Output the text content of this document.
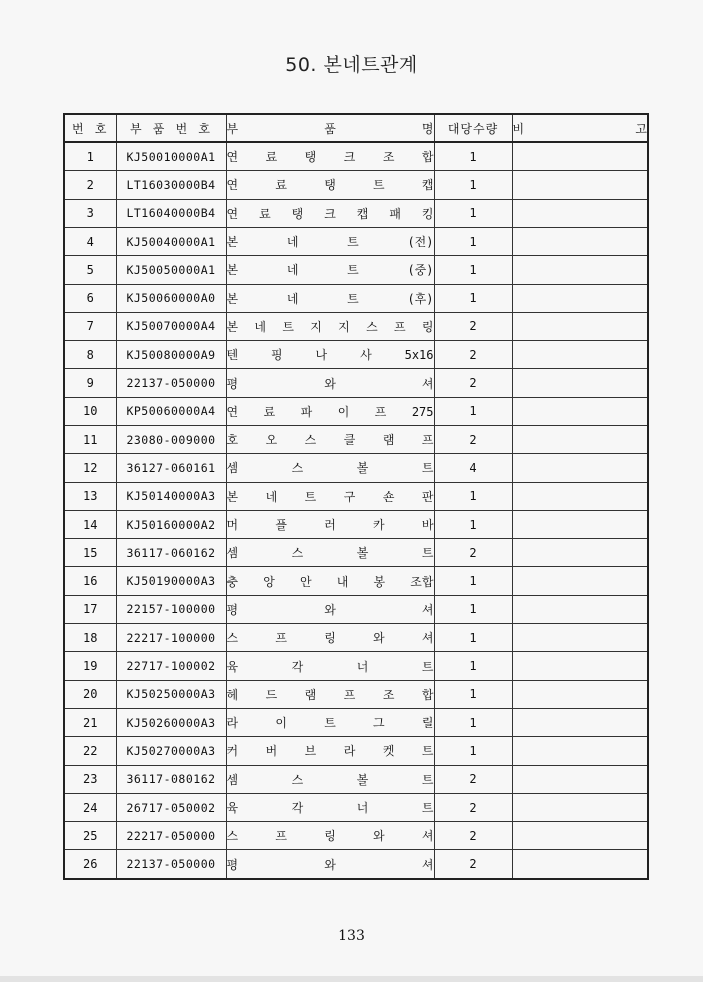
50. 본네트관계
번 호	부 품 번 호	부 품 명	대당수량	비 고

1	KJ50010000A1	연 료 탱 크 조 합	1	
2	LT16030000B4	연 료 탱 트 캡	1	
3	LT16040000B4	연 료 탱 크 캡 패 킹	1	
4	KJ50040000A1	본 네 트 (전)	1	
5	KJ50050000A1	본 네 트 (중)	1	
6	KJ50060000A0	본 네 트 (후)	1	
7	KJ50070000A4	본 네 트 지 지 스 프 링	2	
8	KJ50080000A9	텐 핑 나 사 5x16	2	
9	22137-050000	평 와 셔	2	
10	KP50060000A4	연 료 파 이 프 275	1	
11	23080-009000	호 오 스 클 램 프	2	
12	36127-060161	셈 스 볼 트	4	
13	KJ50140000A3	본 네 트 구 숀 판	1	
14	KJ50160000A2	머 플 러 카 바	1	
15	36117-060162	셈 스 볼 트	2	
16	KJ50190000A3	충 앙 안 내 봉 조합	1	
17	22157-100000	평 와 셔	1	
18	22217-100000	스 프 링 와 셔	1	
19	22717-100002	육 각 너 트	1	
20	KJ50250000A3	헤 드 램 프 조 합	1	
21	KJ50260000A3	라 이 트 그 릴	1	
22	KJ50270000A3	커 버 브 라 켓 트	1	
23	36117-080162	셈 스 볼 트	2	
24	26717-050002	육 각 너 트	2	
25	22217-050000	스 프 링 와 셔	2	
26	22137-050000	평 와 셔	2	
133
